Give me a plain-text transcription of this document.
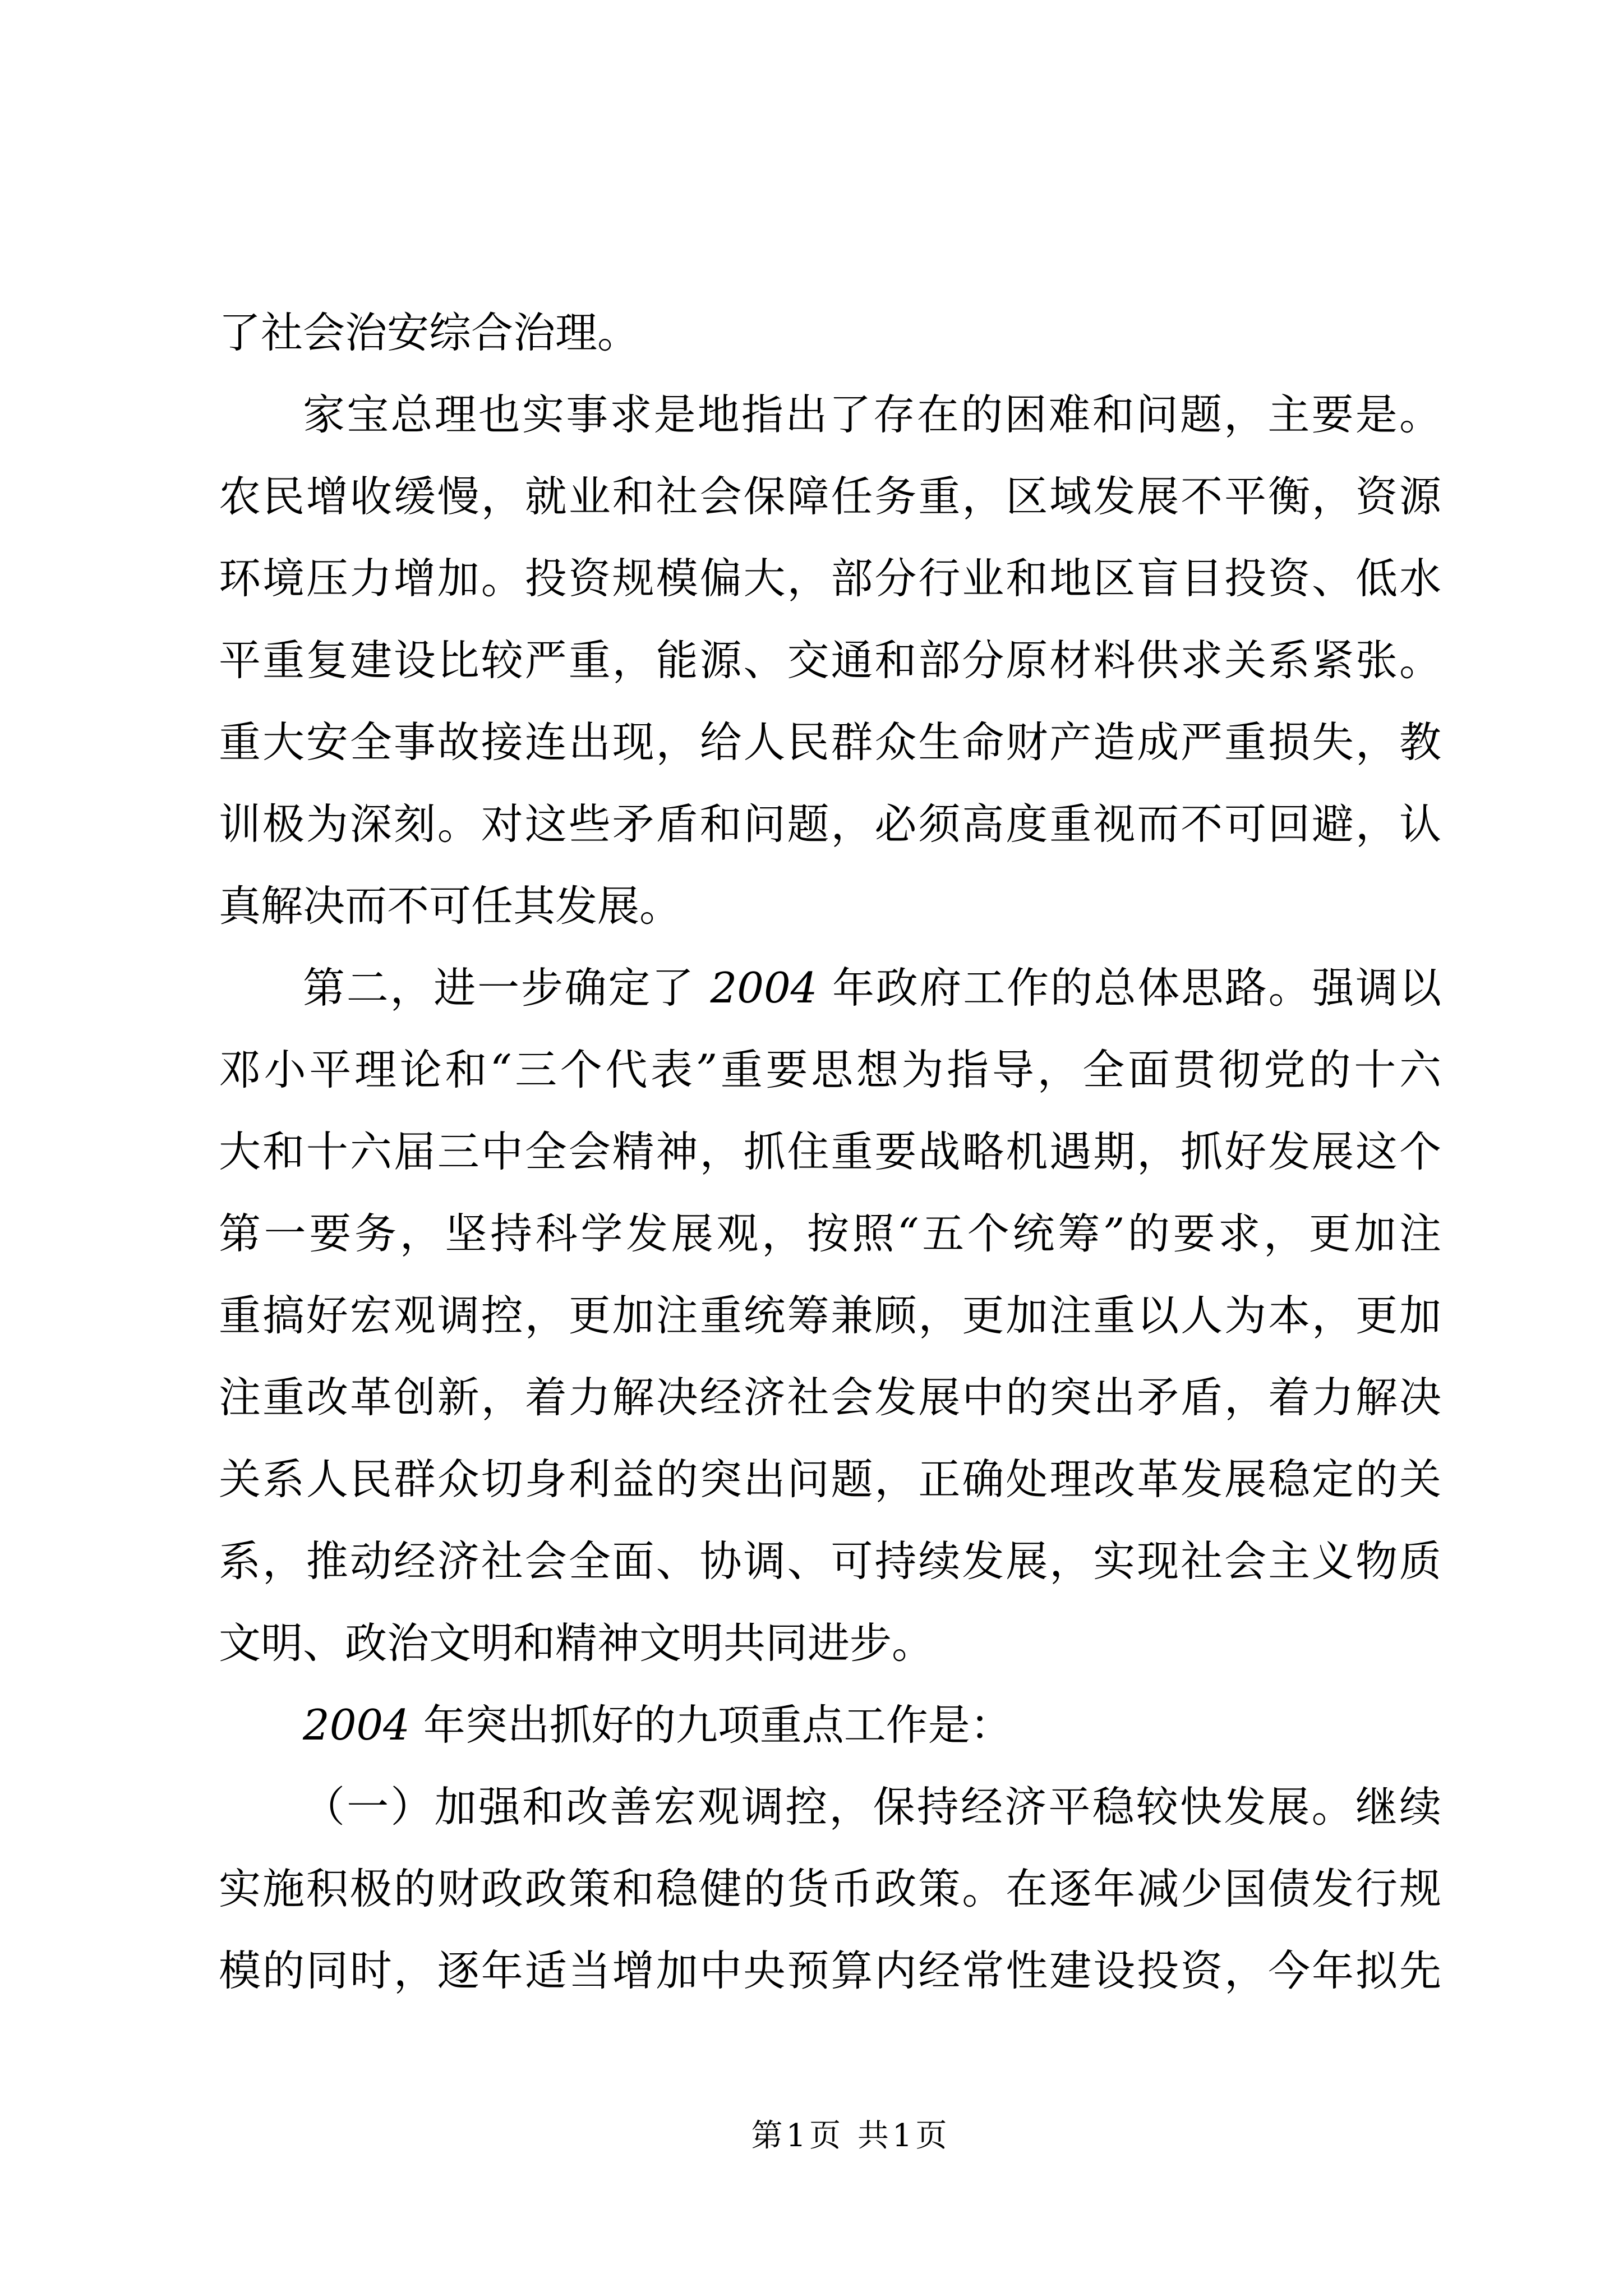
了社会治安综合治理。
家宝总理也实事求是地指出了存在的困难和问题，主要是。
农民增收缓慢，就业和社会保障任务重，区域发展不平衡，资源
环境压力增加。投资规模偏大，部分行业和地区盲目投资、低水
平重复建设比较严重，能源、交通和部分原材料供求关系紧张。
重大安全事故接连出现，给人民群众生命财产造成严重损失，教
训极为深刻。对这些矛盾和问题，必须高度重视而不可回避，认
真解决而不可任其发展。
第二，进一步确定了 2004 年政府工作的总体思路。强调以
邓小平理论和“三个代表”重要思想为指导，全面贯彻党的十六
大和十六届三中全会精神，抓住重要战略机遇期，抓好发展这个
第一要务，坚持科学发展观，按照“五个统筹”的要求，更加注
重搞好宏观调控，更加注重统筹兼顾，更加注重以人为本，更加
注重改革创新，着力解决经济社会发展中的突出矛盾，着力解决
关系人民群众切身利益的突出问题，正确处理改革发展稳定的关
系，推动经济社会全面、协调、可持续发展，实现社会主义物质
文明、政治文明和精神文明共同进步。
2004 年突出抓好的九项重点工作是：
（一）加强和改善宏观调控，保持经济平稳较快发展。继续
实施积极的财政政策和稳健的货币政策。在逐年减少国债发行规
模的同时，逐年适当增加中央预算内经常性建设投资，今年拟先
第1页 共1页
